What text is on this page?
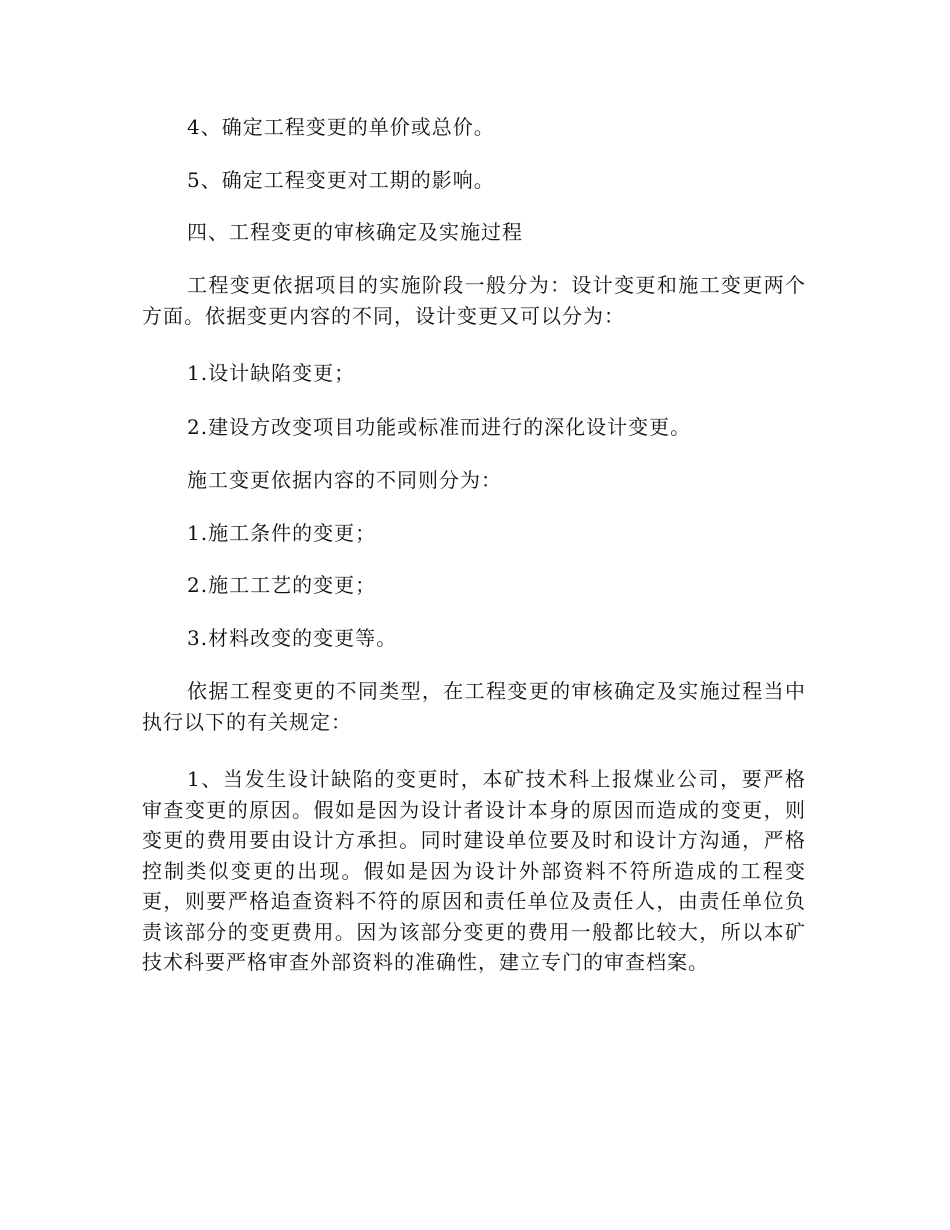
4、确定工程变更的单价或总价。

5、确定工程变更对工期的影响。

四、工程变更的审核确定及实施过程

工程变更依据项目的实施阶段一般分为：设计变更和施工变更两个方面。依据变更内容的不同，设计变更又可以分为：

1.设计缺陷变更；

2.建设方改变项目功能或标准而进行的深化设计变更。

施工变更依据内容的不同则分为：

1.施工条件的变更；

2.施工工艺的变更；

3.材料改变的变更等。

依据工程变更的不同类型，在工程变更的审核确定及实施过程当中执行以下的有关规定：

1、当发生设计缺陷的变更时，本矿技术科上报煤业公司，要严格审查变更的原因。假如是因为设计者设计本身的原因而造成的变更，则变更的费用要由设计方承担。同时建设单位要及时和设计方沟通，严格控制类似变更的出现。假如是因为设计外部资料不符所造成的工程变更，则要严格追查资料不符的原因和责任单位及责任人，由责任单位负责该部分的变更费用。因为该部分变更的费用一般都比较大，所以本矿技术科要严格审查外部资料的准确性，建立专门的审查档案。
